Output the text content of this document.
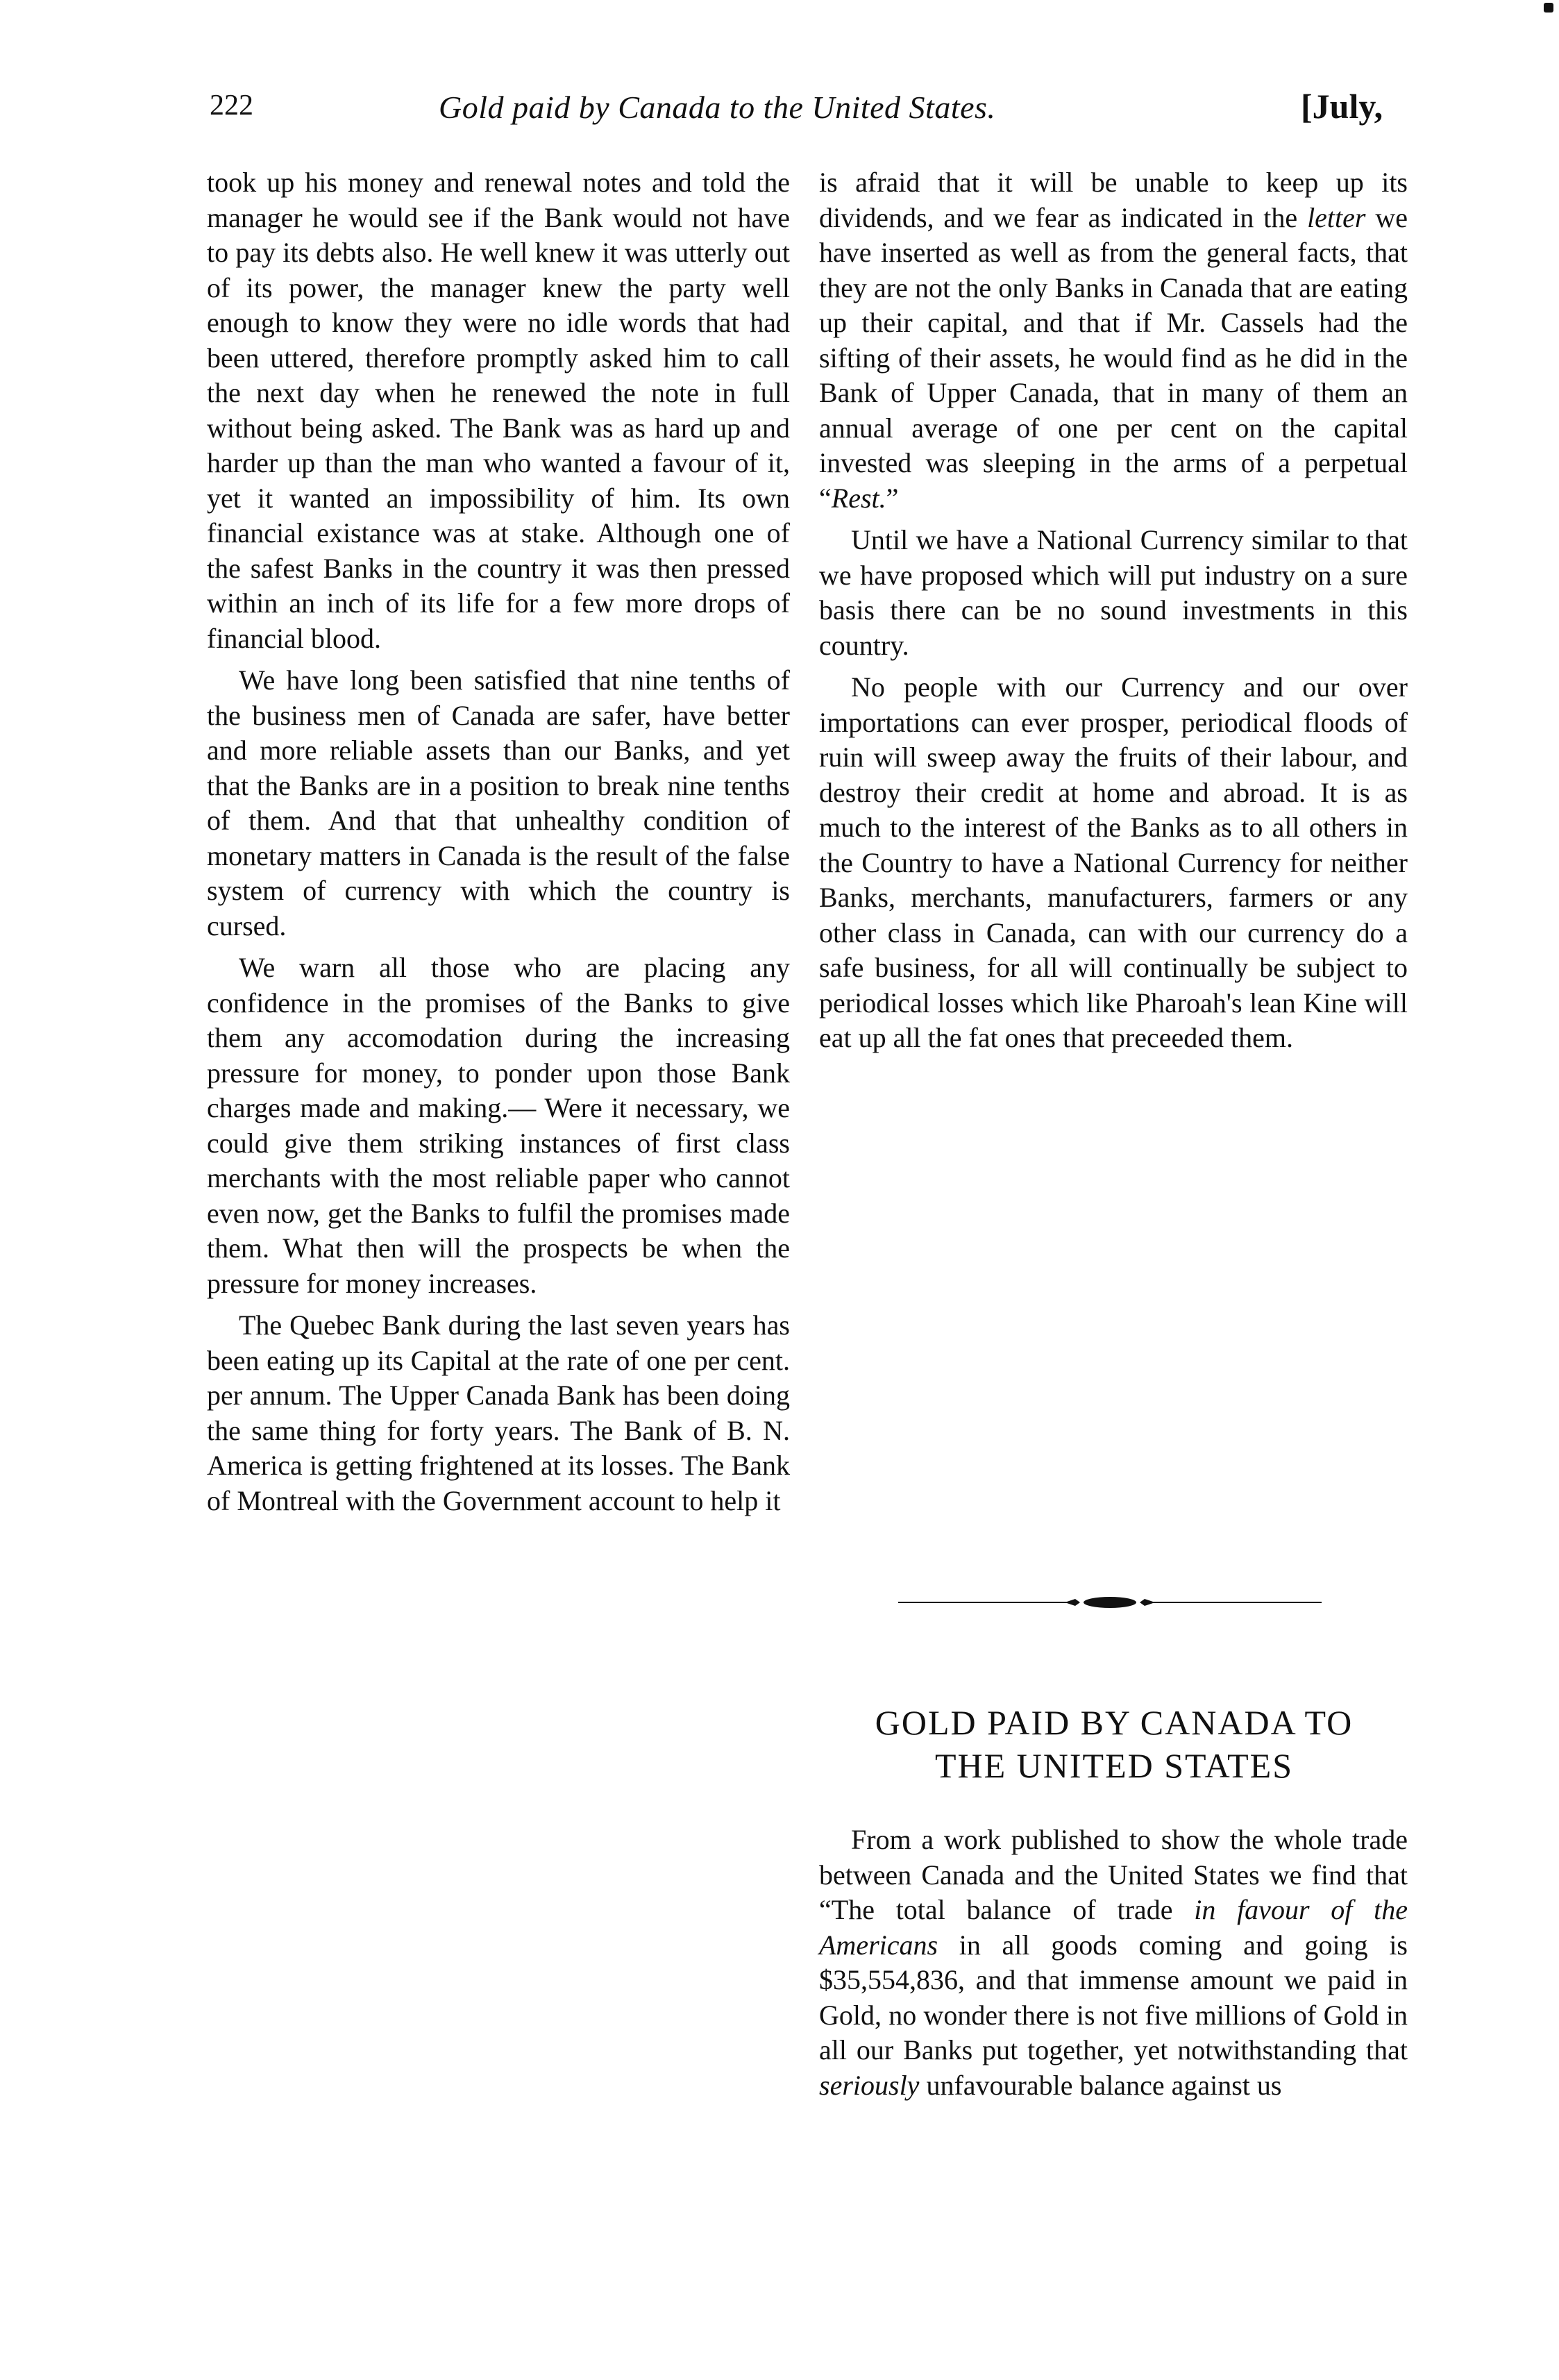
222	Gold paid by Canada to the United States.	[July,

took up his money and renewal notes and told the manager he would see if the Bank would not have to pay its debts also. He well knew it was utterly out of its power, the manager knew the party well enough to know they were no idle words that had been uttered, therefore promptly asked him to call the next day when he renewed the note in full without being asked. The Bank was as hard up and harder up than the man who wanted a favour of it, yet it wanted an impossibility of him. Its own financial existance was at stake. Although one of the safest Banks in the country it was then pressed within an inch of its life for a few more drops of financial blood.

We have long been satisfied that nine tenths of the business men of Canada are safer, have better and more reliable assets than our Banks, and yet that the Banks are in a position to break nine tenths of them. And that that unhealthy condition of monetary matters in Canada is the result of the false system of currency with which the country is cursed.

We warn all those who are placing any confidence in the promises of the Banks to give them any accomodation during the increasing pressure for money, to ponder upon those Bank charges made and making.— Were it necessary, we could give them striking instances of first class merchants with the most reliable paper who cannot even now, get the Banks to fulfil the promises made them. What then will the prospects be when the pressure for money increases.

The Quebec Bank during the last seven years has been eating up its Capital at the rate of one per cent. per annum. The Upper Canada Bank has been doing the same thing for forty years. The Bank of B. N. America is getting frightened at its losses. The Bank of Montreal with the Government account to help it

is afraid that it will be unable to keep up its dividends, and we fear as indicated in the letter we have inserted as well as from the general facts, that they are not the only Banks in Canada that are eating up their capital, and that if Mr. Cassels had the sifting of their assets, he would find as he did in the Bank of Upper Canada, that in many of them an annual average of one per cent on the capital invested was sleeping in the arms of a perpetual “Rest.”

Until we have a National Currency similar to that we have proposed which will put industry on a sure basis there can be no sound investments in this country.

No people with our Currency and our over importations can ever prosper, periodical floods of ruin will sweep away the fruits of their labour, and destroy their credit at home and abroad. It is as much to the interest of the Banks as to all others in the Country to have a National Currency for neither Banks, merchants, manufacturers, farmers or any other class in Canada, can with our currency do a safe business, for all will continually be subject to periodical losses which like Pharoah's lean Kine will eat up all the fat ones that preceeded them.

GOLD PAID BY CANADA TO
THE UNITED STATES

From a work published to show the whole trade between Canada and the United States we find that “The total balance of trade in favour of the Americans in all goods coming and going is $35,554,836, and that immense amount we paid in Gold, no wonder there is not five millions of Gold in all our Banks put together, yet notwithstanding that seriously unfavourable balance against us
